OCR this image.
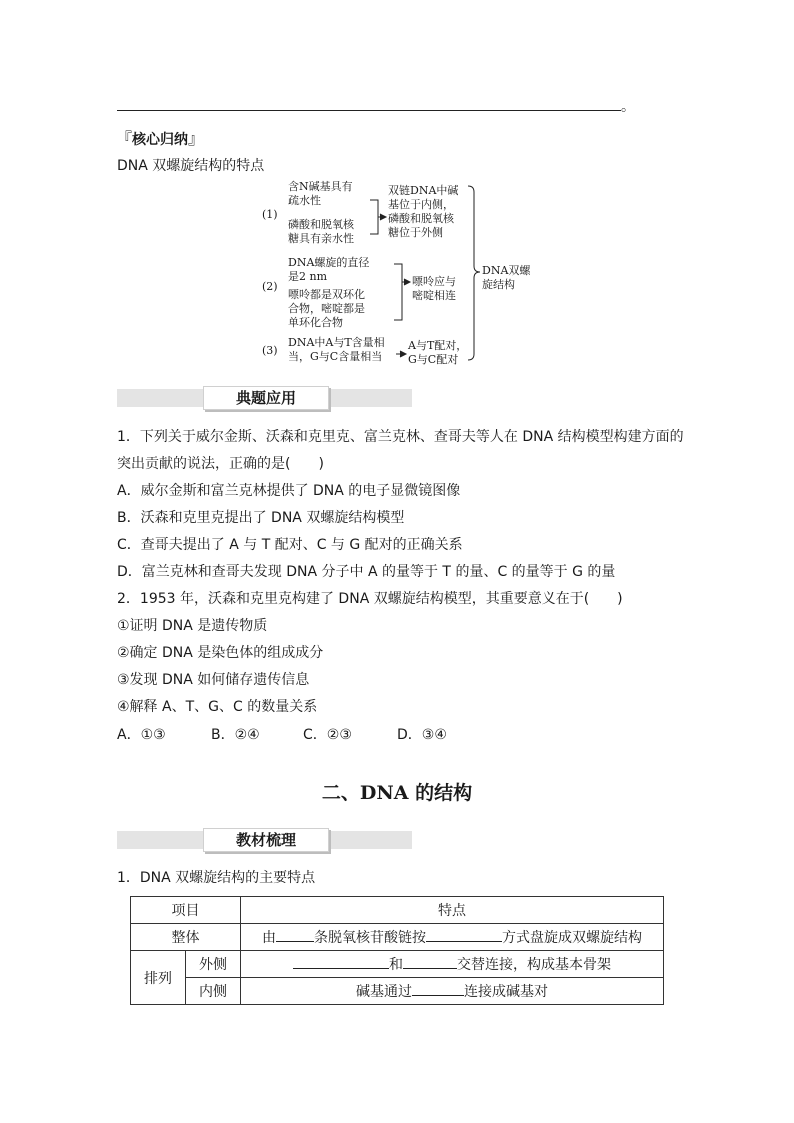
。
『核心归纳』
DNA 双螺旋结构的特点
(1)
含N碱基具有
疏水性
磷酸和脱氧核
糖具有亲水性
双链DNA中碱
基位于内侧，
磷酸和脱氧核
糖位于外侧
(2)
DNA螺旋的直径
是2 nm
嘌呤都是双环化
合物，嘧啶都是
单环化合物
嘌呤应与
嘧啶相连
(3)
DNA中A与T含量相
当，G与C含量相当
A与T配对，
G与C配对
DNA双螺
旋结构
典题应用
1．下列关于威尔金斯、沃森和克里克、富兰克林、查哥夫等人在 DNA 结构模型构建方面的
突出贡献的说法，正确的是(　　)
A．威尔金斯和富兰克林提供了 DNA 的电子显微镜图像
B．沃森和克里克提出了 DNA 双螺旋结构模型
C．查哥夫提出了 A 与 T 配对、C 与 G 配对的正确关系
D．富兰克林和查哥夫发现 DNA 分子中 A 的量等于 T 的量、C 的量等于 G 的量
2．1953 年，沃森和克里克构建了 DNA 双螺旋结构模型，其重要意义在于(　　)
①证明 DNA 是遗传物质
②确定 DNA 是染色体的组成成分
③发现 DNA 如何储存遗传信息
④解释 A、T、G、C 的数量关系
A．①③	B．②④	C．②③	D．③④
二、DNA 的结构
教材梳理
1．DNA 双螺旋结构的主要特点
项目		特点
整体		由 条脱氧核苷酸链按 方式盘旋成双螺旋结构
排列	外侧	和 交替连接，构成基本骨架
	内侧	碱基通过 连接成碱基对
